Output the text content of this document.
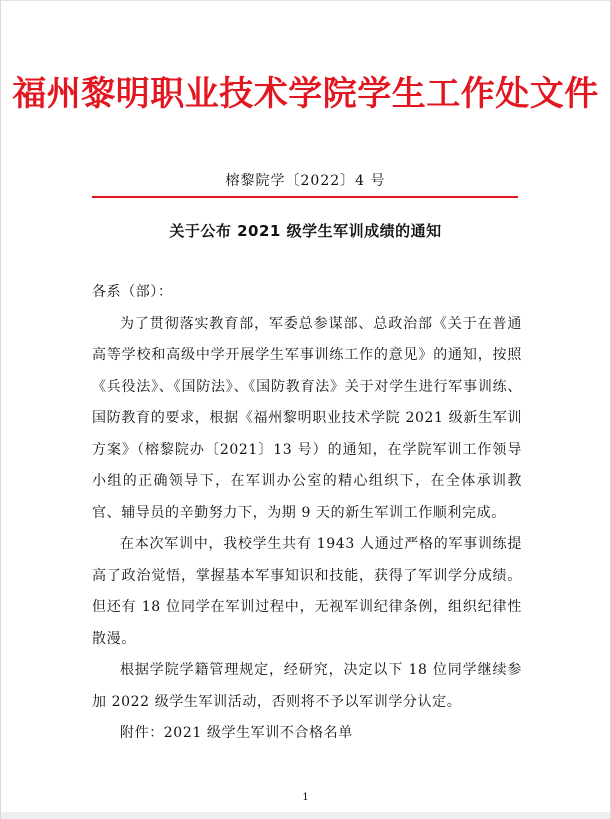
福州黎明职业技术学院学生工作处文件
榕黎院学〔2022〕4 号
关于公布 2021 级学生军训成绩的通知

各系（部）：

为了贯彻落实教育部，军委总参谋部、总政治部《关于在普通高等学校和高级中学开展学生军事训练工作的意见》的通知，按照《兵役法》、《国防法》、《国防教育法》关于对学生进行军事训练、国防教育的要求，根据《福州黎明职业技术学院 2021 级新生军训方案》（榕黎院办〔2021〕13 号）的通知，在学院军训工作领导小组的正确领导下，在军训办公室的精心组织下，在全体承训教官、辅导员的辛勤努力下，为期 9 天的新生军训工作顺利完成。

在本次军训中，我校学生共有 1943 人通过严格的军事训练提高了政治觉悟，掌握基本军事知识和技能，获得了军训学分成绩。但还有 18 位同学在军训过程中，无视军训纪律条例，组织纪律性散漫。

根据学院学籍管理规定，经研究，决定以下 18 位同学继续参加 2022 级学生军训活动，否则将不予以军训学分认定。

附件：2021 级学生军训不合格名单

1
